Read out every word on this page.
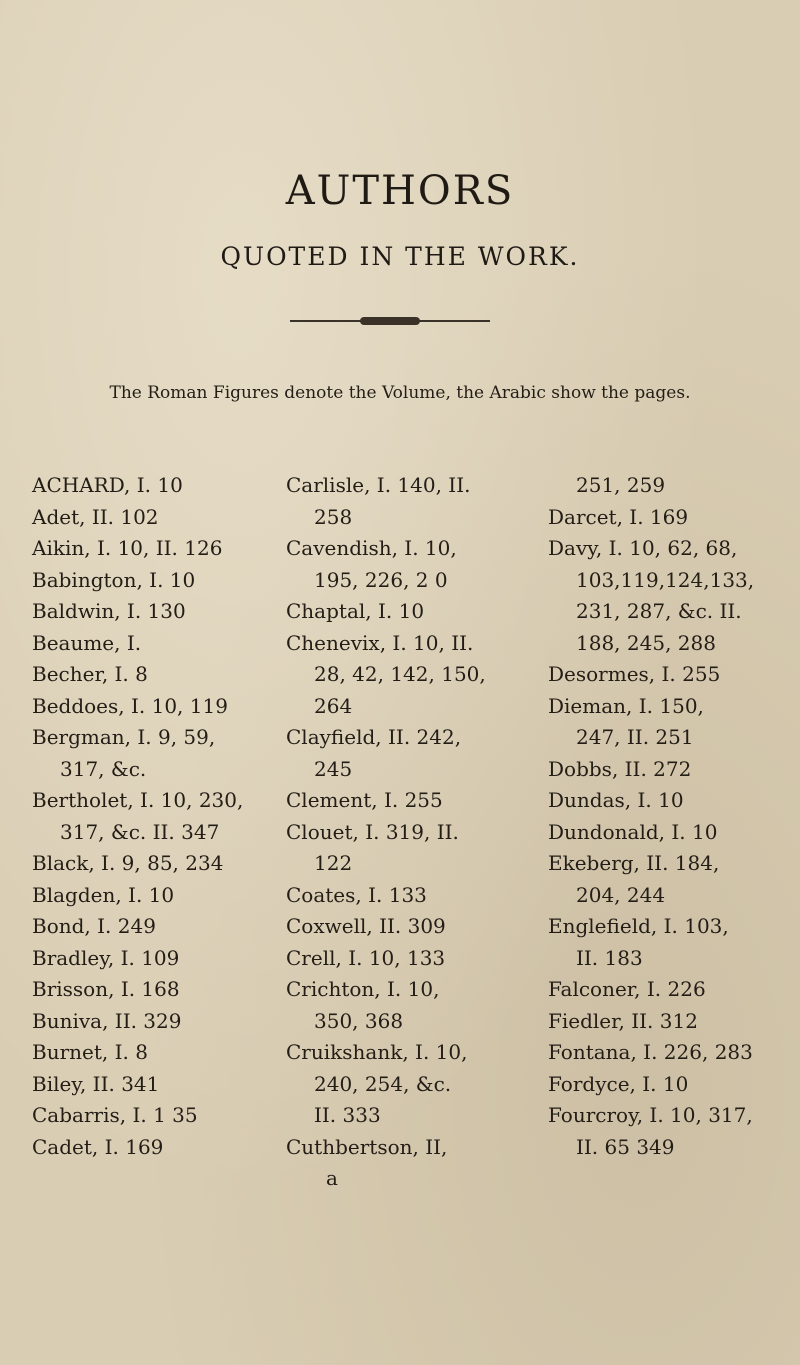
AUTHORS
QUOTED IN THE WORK.
The Roman Figures denote the Volume, the Arabic show the pages.
ACHARD, I. 10
Adet, II. 102
Aikin, I. 10, II. 126
Babington, I. 10
Baldwin, I. 130
Beaume, I.
Becher, I. 8
Beddoes, I. 10, 119
Bergman, I. 9, 59,
317, &c.
Bertholet, I. 10, 230,
317, &c. II. 347
Black, I. 9, 85, 234
Blagden, I. 10
Bond, I. 249
Bradley, I. 109
Brisson, I. 168
Buniva, II. 329
Burnet, I. 8
Biley, II. 341
Cabarris, I. 1 35
Cadet, I. 169
Carlisle, I. 140, II.
258
Cavendish, I. 10,
195, 226, 2 0
Chaptal, I. 10
Chenevix, I. 10, II.
28, 42, 142, 150,
264
Clayfield, II. 242,
245
Clement, I. 255
Clouet, I. 319, II.
122
Coates, I. 133
Coxwell, II. 309
Crell, I. 10, 133
Crichton, I. 10,
350, 368
Cruikshank, I. 10,
240, 254, &c.
II. 333
Cuthbertson, II,
a
251, 259
Darcet, I. 169
Davy, I. 10, 62, 68,
103,119,124,133,
231, 287, &c. II.
188, 245, 288
Desormes, I. 255
Dieman, I. 150,
247, II. 251
Dobbs, II. 272
Dundas, I. 10
Dundonald, I. 10
Ekeberg, II. 184,
204, 244
Englefield, I. 103,
II. 183
Falconer, I. 226
Fiedler, II. 312
Fontana, I. 226, 283
Fordyce, I. 10
Fourcroy, I. 10, 317,
II. 65 349
